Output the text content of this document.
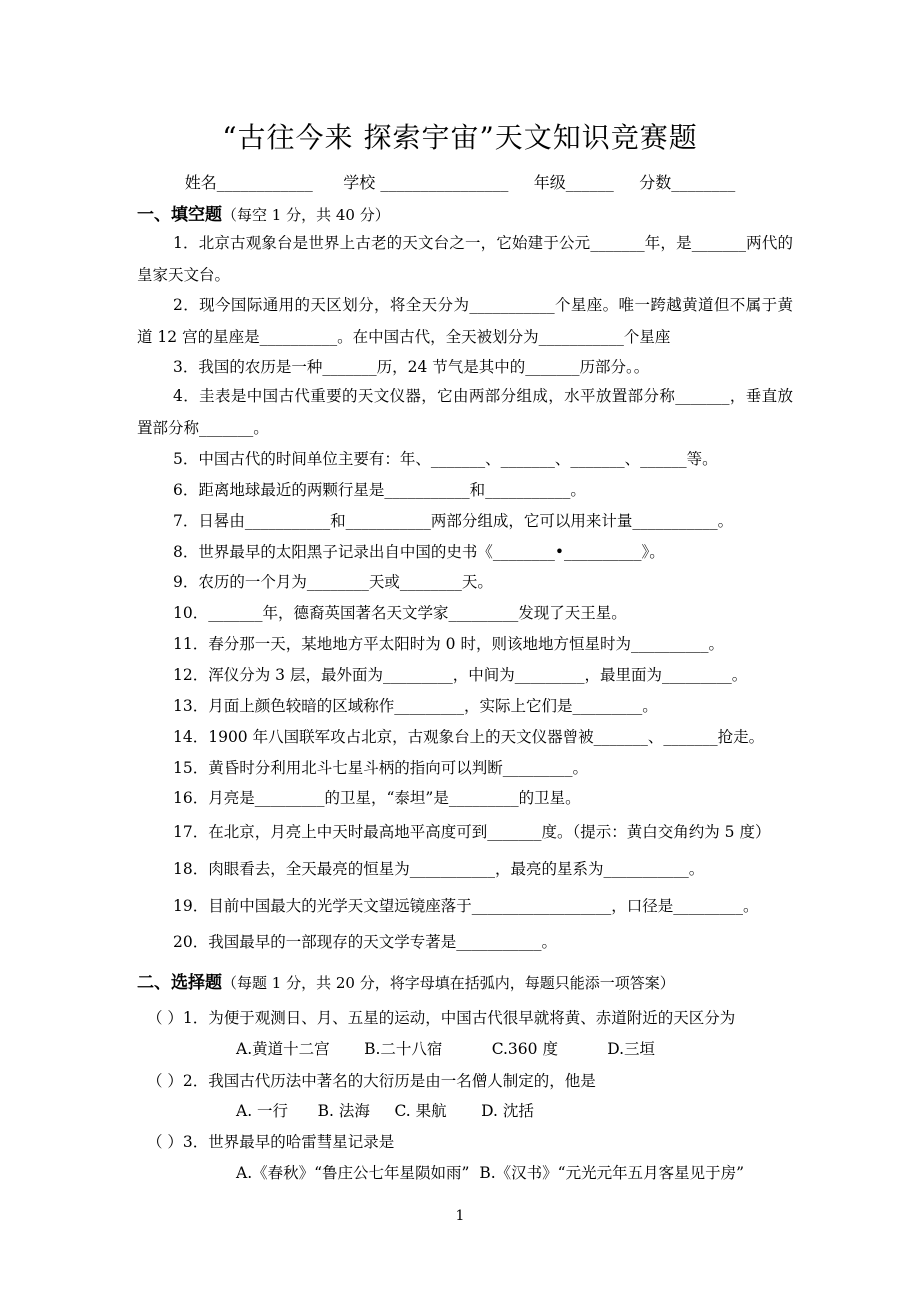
“古往今来 探索宇宙”天文知识竞赛题
姓名____________      学校 ________________     年级______     分数________
一、填空题（每空 1 分，共 40 分）
1．北京古观象台是世界上古老的天文台之一，它始建于公元_______年，是_______两代的皇家天文台。
2．现今国际通用的天区划分，将全天分为___________个星座。唯一跨越黄道但不属于黄道 12 宫的星座是__________。在中国古代，全天被划分为___________个星座
3．我国的农历是一种_______历，24 节气是其中的_______历部分。。
4．圭表是中国古代重要的天文仪器，它由两部分组成，水平放置部分称_______，垂直放置部分称_______。
5．中国古代的时间单位主要有：年、_______、_______、_______、______等。
6．距离地球最近的两颗行星是___________和___________。
7．日晷由___________和___________两部分组成，它可以用来计量___________。
8．世界最早的太阳黑子记录出自中国的史书《________•__________》。
9．农历的一个月为________天或________天。
10．_______年，德裔英国著名天文学家_________发现了天王星。
11．春分那一天，某地地方平太阳时为 0 时，则该地地方恒星时为__________。
12．浑仪分为 3 层，最外面为_________，中间为_________，最里面为_________。
13．月面上颜色较暗的区域称作_________，实际上它们是_________。
14．1900 年八国联军攻占北京，古观象台上的天文仪器曾被_______、_______抢走。
15．黄昏时分利用北斗七星斗柄的指向可以判断_________。
16．月亮是_________的卫星，“泰坦”是_________的卫星。
17．在北京，月亮上中天时最高地平高度可到_______度。（提示：黄白交角约为 5 度）
18．肉眼看去，全天最亮的恒星为___________，最亮的星系为___________。
19．目前中国最大的光学天文望远镜座落于__________________，口径是_________。
20．我国最早的一部现存的天文学专著是___________。
二、选择题（每题 1 分，共 20 分，将字母填在括弧内，每题只能添一项答案）
（ ）1．为便于观测日、月、五星的运动，中国古代很早就将黄、赤道附近的天区分为
A.黄道十二宫       B.二十八宿          C.360 度          D.三垣
（ ）2．我国古代历法中著名的大衍历是由一名僧人制定的，他是
A. 一行      B. 法海     C. 果航       D. 沈括
（ ）3．世界最早的哈雷彗星记录是
A.《春秋》“鲁庄公七年星陨如雨”  B.《汉书》“元光元年五月客星见于房”
1
